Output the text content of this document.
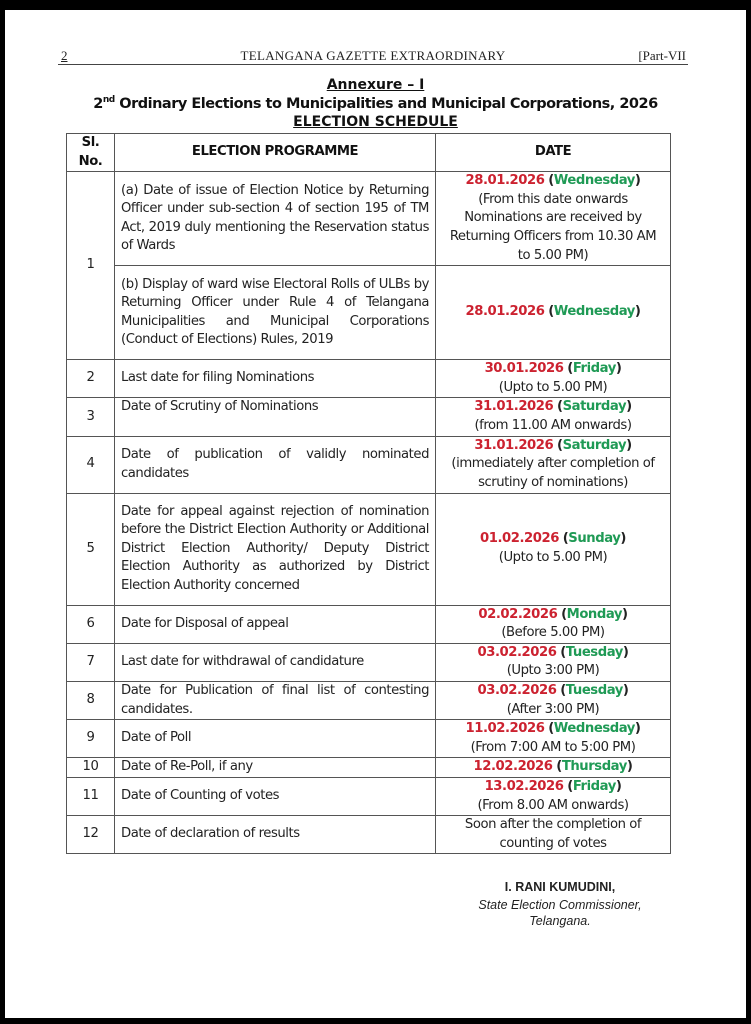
2	TELANGANA GAZETTE EXTRAORDINARY	[Part-VII
Annexure – I
2nd Ordinary Elections to Municipalities and Municipal Corporations, 2026
ELECTION SCHEDULE
Sl. No.	ELECTION PROGRAMME	DATE
1	(a) Date of issue of Election Notice by Returning Officer under sub-section 4 of section 195 of TM Act, 2019 duly mentioning the Reservation status of Wards	28.01.2026 (Wednesday)
(From this date onwards Nominations are received by Returning Officers from 10.30 AM to 5.00 PM)
	(b) Display of ward wise Electoral Rolls of ULBs by Returning Officer under Rule 4 of Telangana Municipalities and Municipal Corporations (Conduct of Elections) Rules, 2019	28.01.2026 (Wednesday)
2	Last date for filing Nominations	30.01.2026 (Friday)
(Upto to 5.00 PM)
3	Date of Scrutiny of Nominations	31.01.2026 (Saturday)
(from 11.00 AM onwards)
4	Date of publication of validly nominated candidates	31.01.2026 (Saturday)
(immediately after completion of scrutiny of nominations)
5	Date for appeal against rejection of nomination before the District Election Authority or Additional District Election Authority/ Deputy District Election Authority as authorized by District Election Authority concerned	01.02.2026 (Sunday)
(Upto to 5.00 PM)
6	Date for Disposal of appeal	02.02.2026 (Monday)
(Before 5.00 PM)
7	Last date for withdrawal of candidature	03.02.2026 (Tuesday)
(Upto 3:00 PM)
8	Date for Publication of final list of contesting candidates.	03.02.2026 (Tuesday)
(After 3:00 PM)
9	Date of Poll	11.02.2026 (Wednesday)
(From 7:00 AM to 5:00 PM)
10	Date of Re-Poll, if any	12.02.2026 (Thursday)
11	Date of Counting of votes	13.02.2026 (Friday)
(From 8.00 AM onwards)
12	Date of declaration of results	Soon after the completion of counting of votes
I. RANI KUMUDINI,
State Election Commissioner,
Telangana.
